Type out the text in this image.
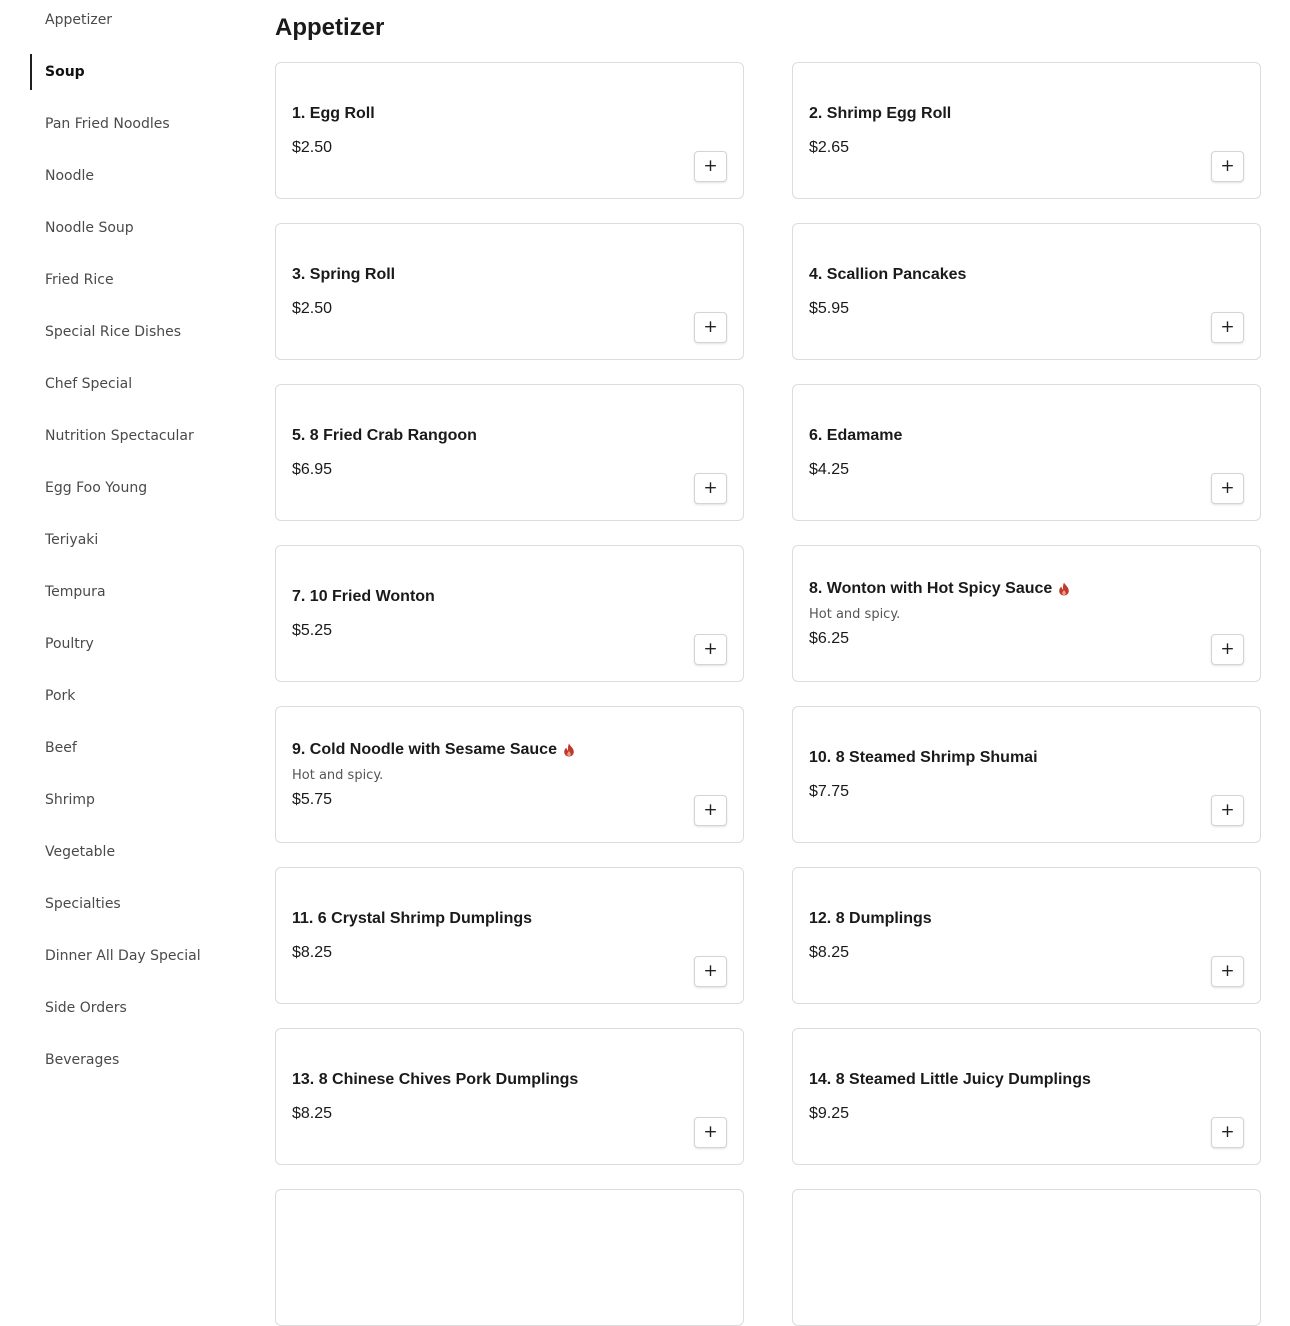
Appetizer
Soup
Pan Fried Noodles
Noodle
Noodle Soup
Fried Rice
Special Rice Dishes
Chef Special
Nutrition Spectacular
Egg Foo Young
Teriyaki
Tempura
Poultry
Pork
Beef
Shrimp
Vegetable
Specialties
Dinner All Day Special
Side Orders
Beverages
Appetizer
1. Egg Roll
$2.50
+
2. Shrimp Egg Roll
$2.65
+
3. Spring Roll
$2.50
+
4. Scallion Pancakes
$5.95
+
5. 8 Fried Crab Rangoon
$6.95
+
6. Edamame
$4.25
+
7. 10 Fried Wonton
$5.25
+
8. Wonton with Hot Spicy Sauce
Hot and spicy.
$6.25
+
9. Cold Noodle with Sesame Sauce
Hot and spicy.
$5.75
+
10. 8 Steamed Shrimp Shumai
$7.75
+
11. 6 Crystal Shrimp Dumplings
$8.25
+
12. 8 Dumplings
$8.25
+
13. 8 Chinese Chives Pork Dumplings
$8.25
+
14. 8 Steamed Little Juicy Dumplings
$9.25
+
